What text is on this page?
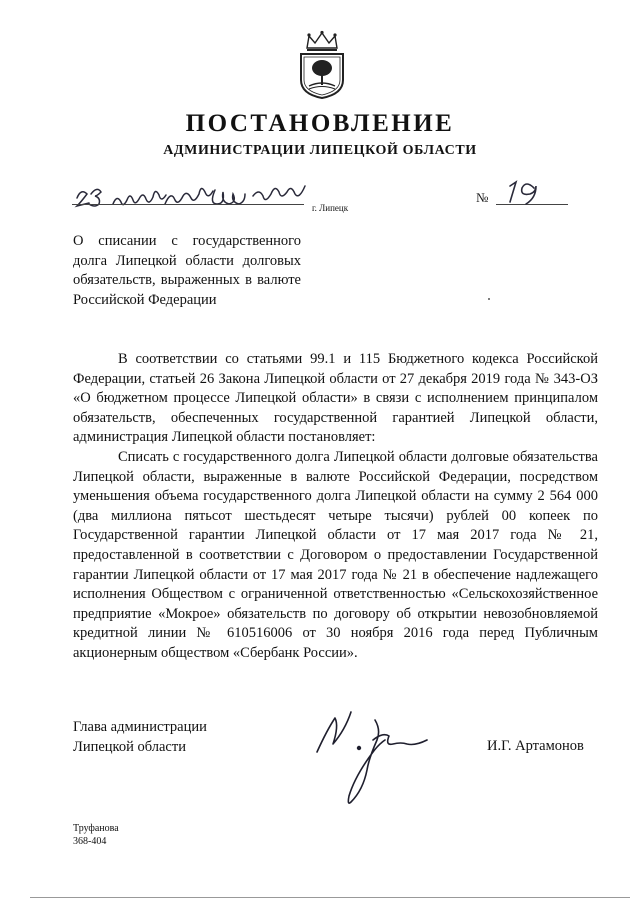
ПОСТАНОВЛЕНИЕ
АДМИНИСТРАЦИИ ЛИПЕЦКОЙ ОБЛАСТИ
г. Липецк
№
О списании с государственного долга Липецкой области долговых обязательств, выраженных в валюте Российской Федерации

В соответствии со статьями 99.1 и 115 Бюджетного кодекса Российской Федерации, статьей 26 Закона Липецкой области от 27 декабря 2019 года № 343-ОЗ «О бюджетном процессе Липецкой области» в связи с исполнением принципалом обязательств, обеспеченных государственной гарантией Липецкой области, администрация Липецкой области постановляет:

Списать с государственного долга Липецкой области долговые обязательства Липецкой области, выраженные в валюте Российской Федерации, посредством уменьшения объема государственного долга Липецкой области на сумму 2 564 000 (два миллиона пятьсот шестьдесят четыре тысячи) рублей 00 копеек по Государственной гарантии Липецкой области от 17 мая 2017 года № 21, предоставленной в соответствии с Договором о предоставлении Государственной гарантии Липецкой области от 17 мая 2017 года № 21 в обеспечение надлежащего исполнения Обществом с ограниченной ответственностью «Сельскохозяйственное предприятие «Мокрое» обязательств по договору об открытии невозобновляемой кредитной линии № 610516006 от 30 ноября 2016 года перед Публичным акционерным обществом «Сбербанк России».

Глава администрации
Липецкой области	И.Г. Артамонов
Труфанова
368-404
